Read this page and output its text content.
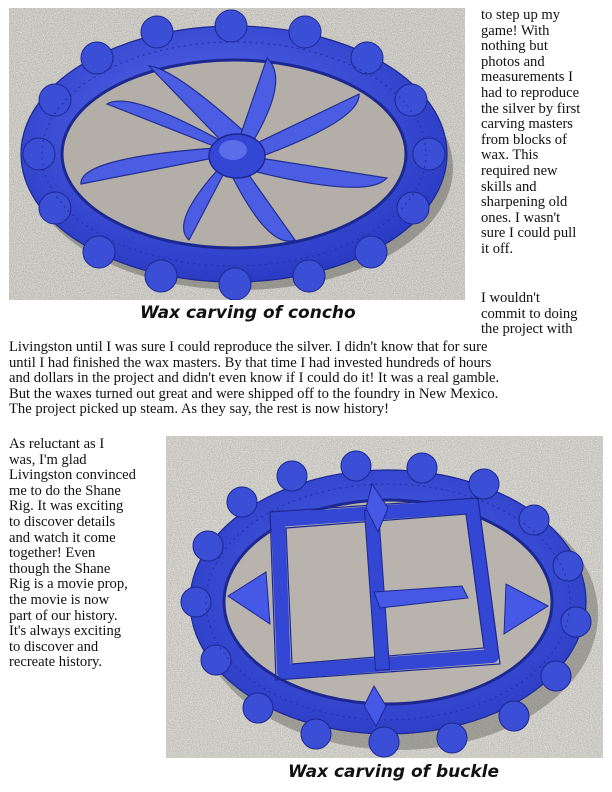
to step up my
game! With
nothing but
photos and
measurements I
had to reproduce
the silver by first
carving masters
from blocks of
wax. This
required new
skills and
sharpening old
ones. I wasn't
sure I could pull
it off.
I wouldn't
commit to doing
the project with
Wax carving of concho
Livingston until I was sure I could reproduce the silver. I didn't know that for sure
until I had finished the wax masters. By that time I had invested hundreds of hours
and dollars in the project and didn't even know if I could do it! It was a real gamble.
But the waxes turned out great and were shipped off to the foundry in New Mexico.
The project picked up steam. As they say, the rest is now history!
As reluctant as I
was, I'm glad
Livingston convinced
me to do the Shane
Rig. It was exciting
to discover details
and watch it come
together! Even
though the Shane
Rig is a movie prop,
the movie is now
part of our history.
It's always exciting
to discover and
recreate history.
Wax carving of buckle
